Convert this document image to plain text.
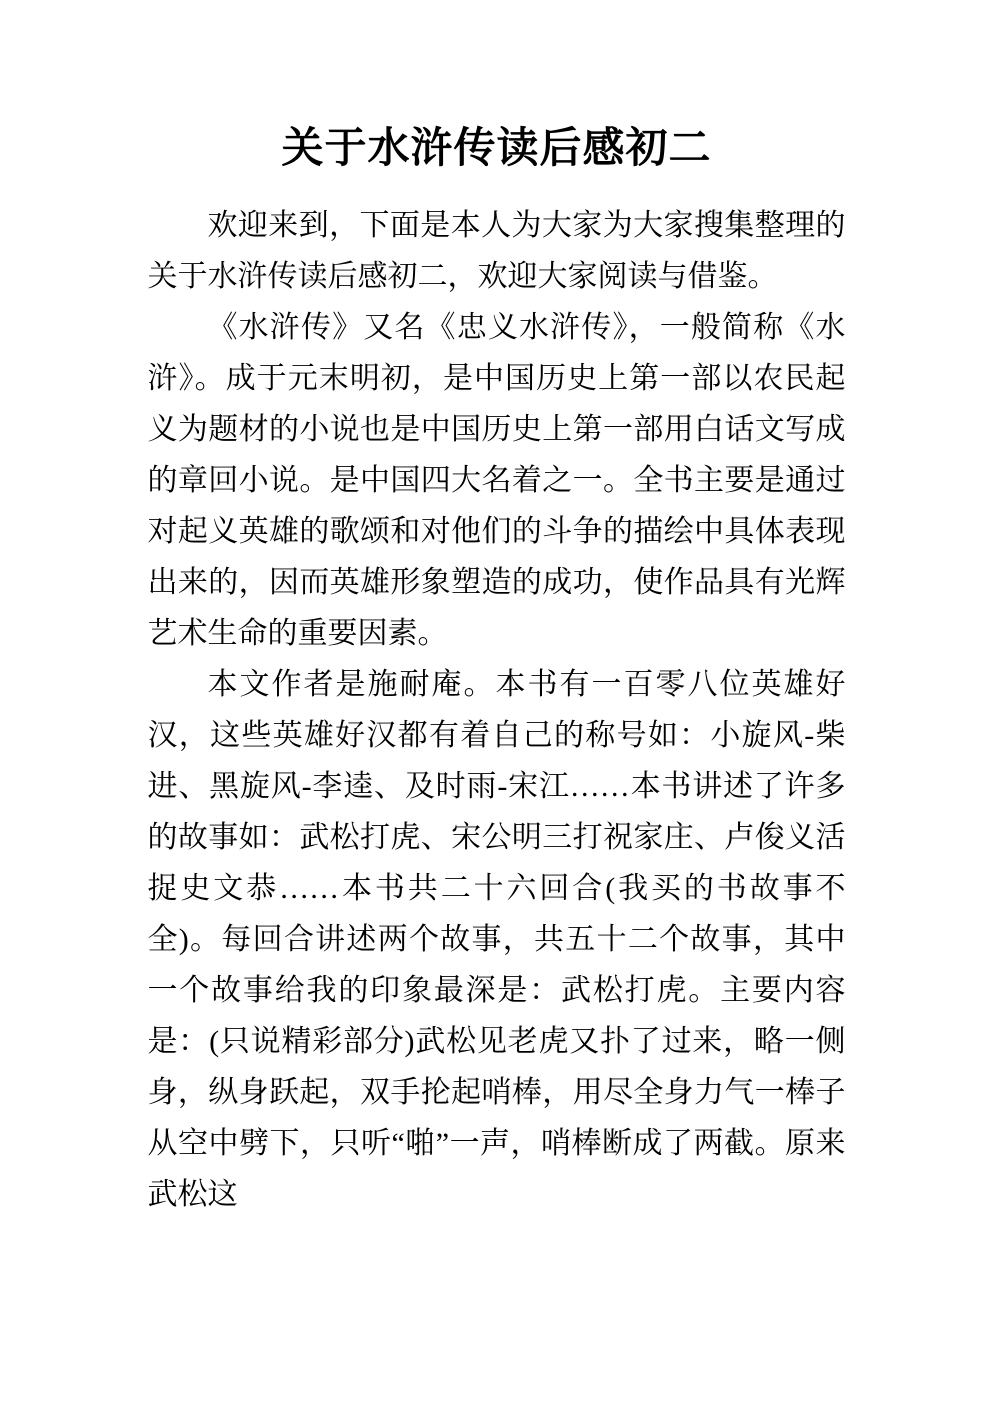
关于水浒传读后感初二

欢迎来到，下面是本人为大家为大家搜集整理的关于水浒传读后感初二，欢迎大家阅读与借鉴。

《水浒传》又名《忠义水浒传》，一般简称《水浒》。成于元末明初，是中国历史上第一部以农民起义为题材的小说也是中国历史上第一部用白话文写成的章回小说。是中国四大名着之一。全书主要是通过对起义英雄的歌颂和对他们的斗争的描绘中具体表现出来的，因而英雄形象塑造的成功，使作品具有光辉艺术生命的重要因素。

本文作者是施耐庵。本书有一百零八位英雄好汉，这些英雄好汉都有着自己的称号如：小旋风-柴进、黑旋风-李逵、及时雨-宋江……本书讲述了许多的故事如：武松打虎、宋公明三打祝家庄、卢俊义活捉史文恭……本书共二十六回合(我买的书故事不全)。每回合讲述两个故事，共五十二个故事，其中一个故事给我的印象最深是：武松打虎。主要内容是：(只说精彩部分)武松见老虎又扑了过来，略一侧身，纵身跃起，双手抡起哨棒，用尽全身力气一棒子从空中劈下，只听“啪”一声，哨棒断成了两截。原来武松这
